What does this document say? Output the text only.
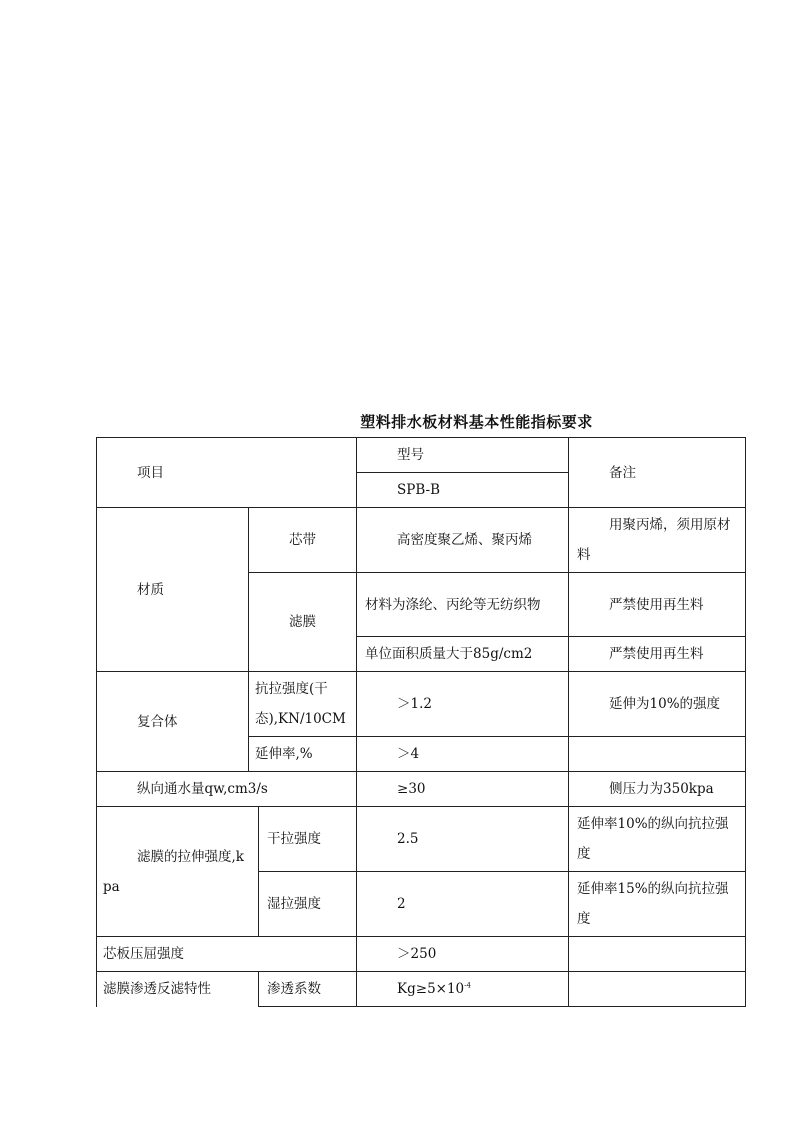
塑料排水板材料基本性能指标要求
项目			型号	备注
			SPB-B	
材质	芯带		高密度聚乙烯、聚丙烯	用聚丙烯，须用原材料
	滤膜		材料为涤纶、丙纶等无纺织物	严禁使用再生料
			单位面积质量大于85g/cm2	严禁使用再生料
复合体	抗拉强度(干态),KN/10CM		＞1.2	延伸为10%的强度
	延伸率,%		＞4	
纵向通水量qw,cm3/s			≥30	侧压力为350kpa
滤膜的拉伸强度,kpa		干拉强度	2.5	延伸率10%的纵向抗拉强度
		湿拉强度	2	延伸率15%的纵向抗拉强度
芯板压屈强度			＞250	
滤膜渗透反滤特性		渗透系数	$Kg\ge 5\times 10^{-4}$	
